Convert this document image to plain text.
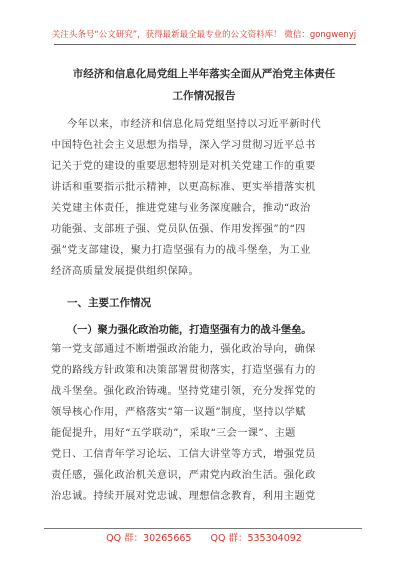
关注头条号“公文研究”，获得最新最全最专业的公文资料库！ 微信：gongwenyj
市经济和信息化局党组上半年落实全面从严治党主体责任
工作情况报告
今年以来，市经济和信息化局党组坚持以习近平新时代
中国特色社会主义思想为指导，深入学习贯彻习近平总书
记关于党的建设的重要思想特别是对机关党建工作的重要
讲话和重要指示批示精神，以更高标准、更实举措落实机
关党建主体责任，推进党建与业务深度融合，推动“政治
功能强、支部班子强、党员队伍强、作用发挥强”的“四
强”党支部建设，聚力打造坚强有力的战斗堡垒，为工业
经济高质量发展提供组织保障。
一、主要工作情况
（一）聚力强化政治功能，打造坚强有力的战斗堡垒。
第一党支部通过不断增强政治能力，强化政治导向，确保
党的路线方针政策和决策部署贯彻落实，打造坚强有力的
战斗堡垒。强化政治铸魂。坚持党建引领，充分发挥党的
领导核心作用，严格落实“第一议题”制度，坚持以学赋
能促提升，用好“五学联动”，采取“三会一课”、主题
党日、工信青年学习论坛、工信大讲堂等方式，增强党员
责任感，强化政治机关意识，严肃党内政治生活。强化政
治忠诚。持续开展对党忠诚、理想信念教育，利用主题党
QQ 群：30265665　　QQ 群：535304092
